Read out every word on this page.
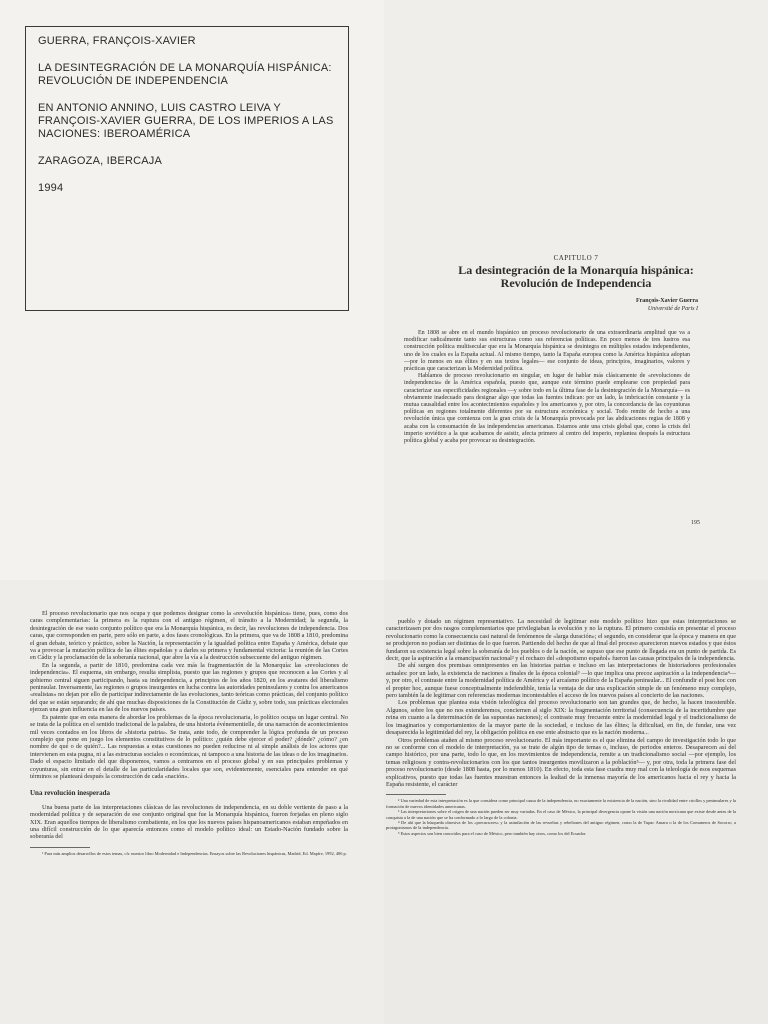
GUERRA, FRANÇOIS-XAVIER

LA DESINTEGRACIÓN DE LA MONARQUÍA HISPÁNICA:
REVOLUCIÓN DE INDEPENDENCIA

EN ANTONIO ANNINO, LUIS CASTRO LEIVA Y
FRANÇOIS-XAVIER GUERRA, DE LOS IMPERIOS A LAS
NACIONES: IBEROAMÉRICA

ZARAGOZA, IBERCAJA

1994

CAPITULO 7
La desintegración de la Monarquía hispánica:
Revolución de Independencia
François-Xavier Guerra
Université de Paris I

En 1808 se abre en el mundo hispánico un proceso revolucionario de una extraordinaria amplitud que va a modificar radicalmente tanto sus estructuras como sus referencias políticas. En poco menos de tres lustros esa construcción política multisecular que era la Monarquía hispánica se desintegra en múltiples estados independientes, uno de los cuales es la España actual. Al mismo tiempo, tanto la España europea como la América hispánica adoptan —por lo menos en sus élites y en sus textos legales— ese conjunto de ideas, principios, imaginarios, valores y prácticas que caracterizan la Modernidad política.

Hablamos de proceso revolucionario en singular, en lugar de hablar más clásicamente de «revoluciones de independencia» de la América española, puesto que, aunque este término puede emplearse con propiedad para caracterizar sus especificidades regionales —y sobre todo en la última fase de la desintegración de la Monarquía— es obviamente inadecuado para designar algo que todas las fuentes indican: por un lado, la imbricación constante y la mutua causalidad entre los acontecimientos españoles y los americanos y, por otro, la concordancia de las coyunturas políticas en regiones totalmente diferentes por su estructura económica y social. Todo remite de hecho a una revolución única que comienza con la gran crisis de la Monarquía provocada por las abdicaciones regias de 1808 y acaba con la consumación de las independencias americanas. Estamos ante una crisis global que, como la crisis del imperio soviético a la que acabamos de asistir, afecta primero al centro del imperio, replantea después la estructura política global y acaba por provocar su desintegración.

195

El proceso revolucionario que nos ocupa y que podemos designar como la «revolución hispánica» tiene, pues, como dos caras complementarias: la primera es la ruptura con el antiguo régimen, el tránsito a la Modernidad; la segunda, la desintegración de ese vasto conjunto político que era la Monarquía hispánica, es decir, las revoluciones de independencia. Dos caras, que corresponden en parte, pero sólo en parte, a dos fases cronológicas. En la primera, que va de 1808 a 1810, predomina el gran debate, teórico y práctico, sobre la Nación, la representación y la igualdad política entre España y América, debate que va a provocar la mutación política de las élites españolas y a darles su primera y fundamental victoria: la reunión de las Cortes en Cádiz y la proclamación de la soberanía nacional, que abre la vía a la destrucción subsecuente del antiguo régimen.

En la segunda, a partir de 1810, predomina cada vez más la fragmentación de la Monarquía: las «revoluciones de independencia». El esquema, sin embargo, resulta simplista, puesto que las regiones y grupos que reconocen a las Cortes y al gobierno central siguen participando, hasta su independencia, a principios de los años 1820, en los avatares del liberalismo peninsular. Inversamente, las regiones o grupos insurgentes en lucha contra las autoridades peninsulares y contra los americanos «realistas» no dejan por ello de participar indirectamente de las evoluciones, tanto teóricas como prácticas, del conjunto político del que se están separando; de ahí que muchas disposiciones de la Constitución de Cádiz y, sobre todo, sus prácticas electorales ejerzan una gran influencia en las de los nuevos países.

Es patente que en esta manera de abordar los problemas de la época revolucionaria, lo político ocupa un lugar central. No se trata de la política en el sentido tradicional de la palabra, de una historia événementielle, de una narración de acontecimientos mil veces contados en los libros de «historia patria». Se trata, ante todo, de comprender la lógica profunda de un proceso complejo que pone en juego los elementos constitutivos de lo político: ¿quién debe ejercer el poder? ¿dónde? ¿cómo? ¿en nombre de qué o de quién?... Las respuestas a estas cuestiones no pueden reducirse ni al simple análisis de los actores que intervienen en esta pugna, ni a las estructuras sociales o económicas, ni tampoco a una historia de las ideas o de los imaginarios. Dado el espacio limitado del que disponemos, vamos a centrarnos en el proceso global y en sus principales problemas y coyunturas, sin entrar en el detalle de las particularidades locales que son, evidentemente, esenciales para entender en qué términos se planteará después la construcción de cada «nación».

Una revolución inesperada

Una buena parte de las interpretaciones clásicas de las revoluciones de independencia, en su doble vertiente de paso a la modernidad política y de separación de ese conjunto original que fue la Monarquía hispánica, fueron forjadas en pleno siglo XIX. Eran aquellos tiempos de liberalismo combatiente, en los que los nuevos países hispanoamericanos estaban empeñados en una difícil construcción de lo que aparecía entonces como el modelo político ideal: un Estado-Nación fundado sobre la soberanía del

¹ Para más amplios desarrollos de estos temas, cfr. nuestro libro Modernidad e Independencias. Ensayos sobre las Revoluciones hispánicas, Madrid, Ed. Mapfre, 1992, 406 p.

pueblo y dotado un régimen representativo. La necesidad de legitimar este modelo político hizo que estas interpretaciones se caracterizasen por dos rasgos complementarios que privilegiaban la evolución y no la ruptura. El primero consistía en presentar el proceso revolucionario como la consecuencia casi natural de fenómenos de «larga duración»; el segundo, en considerar que la época y manera en que se produjeron no podían ser distintas de lo que fueron. Partiendo del hecho de que al final del proceso aparecieron nuevos estados y que éstos fundaron su existencia legal sobre la soberanía de los pueblos o de la nación, se supuso que ese punto de llegada era un punto de partida. Es decir, que la aspiración a la emancipación nacional² y el rechazo del «despotismo español» fueron las causas principales de la independencia.

De ahí surgen dos premisas omnipresentes en las historias patrias e incluso en las interpretaciones de historiadores profesionales actuales: por un lado, la existencia de naciones a finales de la época colonial³ —lo que implica una precoz aspiración a la independencia⁴— y, por otro, el contraste entre la modernidad política de América y el arcaísmo político de la España peninsular... El confundir el post hoc con el propter hoc, aunque fuese conceptualmente indefendible, tenía la ventaja de dar una explicación simple de un fenómeno muy complejo, pero también la de legitimar con referencias modernas incontestables el acceso de los nuevos países al concierto de las naciones.

Los problemas que plantea esta visión teleológica del proceso revolucionario son tan grandes que, de hecho, la hacen insostenible. Algunos, sobre los que no nos extenderemos, conciernen al siglo XIX: la fragmentación territorial (consecuencia de la incertidumbre que reina en cuanto a la determinación de las supuestas naciones); el contraste muy frecuente entre la modernidad legal y el tradicionalismo de los imaginarios y comportamientos de la mayor parte de la sociedad, e incluso de las élites; la dificultad, en fin, de fundar, una vez desaparecida la legitimidad del rey, la obligación política en ese ente abstracto que es la nación moderna...

Otros problemas atañen al mismo proceso revolucionario. El más importante es el que elimina del campo de investigación todo lo que no se conforme con el modelo de interpretación, ya se trate de algún tipo de temas o, incluso, de periodos enteros. Desaparecen así del campo histórico, por una parte, todo lo que, en los movimientos de independencia, remite a un tradicionalismo social —por ejemplo, los temas religiosos y contra-revolucionarios con los que tantos insurgentes movilizaron a la población⁵— y, por otra, toda la primera fase del proceso revolucionario (desde 1808 hasta, por lo menos 1810). En efecto, toda esta fase cuadra muy mal con la teleología de esos esquemas explicativos, puesto que todas las fuentes muestran entonces la lealtad de la inmensa mayoría de los americanos hacia el rey y hacia la España resistente, el carácter

² Una variedad de esta interpretación es la que considera como principal causa de la independencia, no exactamente la existencia de la nación, sino la rivalidad entre criollos y peninsulares y la formación de nuevos identidades americanas.

³ Las interpretaciones sobre el origen de una nación pueden ser muy variadas. En el caso de México, la principal divergencia opone la visión una nación mexicana que existe desde antes de la conquista a la de una nación que se ha conformado a lo largo de la colonia.

⁴ De ahí que la búsqueda obsesiva de los «precursores» y la asimilación de las revueltas y rebeliones del antiguo régimen, como la de Tupac Amaru o la de los Comuneros de Socorro, a protagonismos de la independencia.

⁵ Estos aspectos son bien conocidos para el caso de México, pero también hay otros, como los del Ecuador.
